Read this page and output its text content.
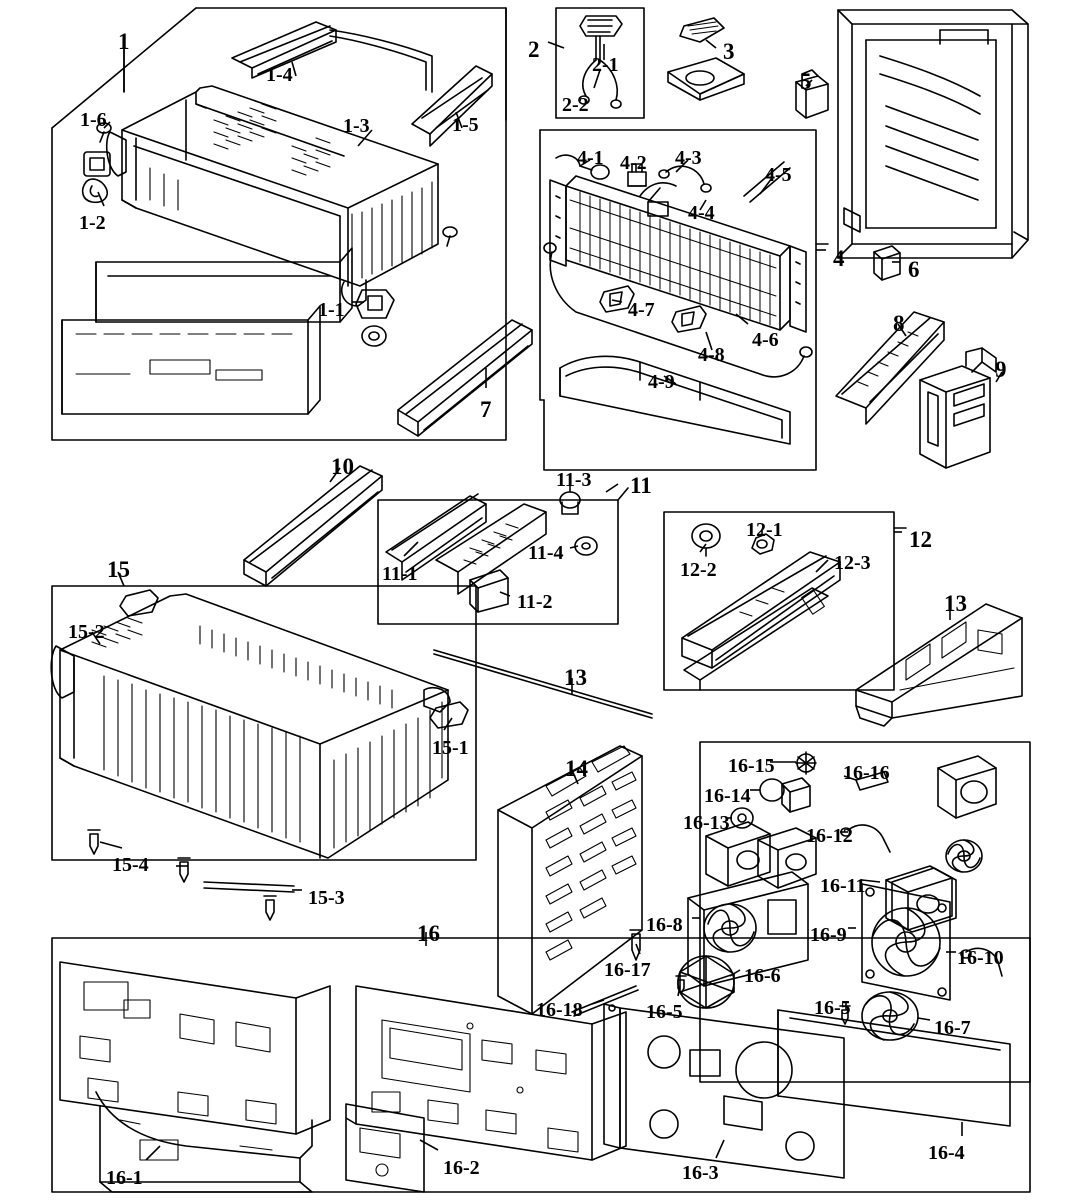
1
1‑6
1‑4
1‑5
1‑3
1‑2
1‑1
2
2‑1
2‑2
3
5
4‑1 4‑2 4‑3
4‑5
4‑4
4	6
4‑7
4‑6
4‑8
4‑9
7
8
9
10
11
11‑3
11‑1
11‑4
11‑2
12
12‑1
12‑2	12‑3
13
13
15
15‑2
15‑1
15‑4
15‑3
14
16
16‑15	16‑16
16‑14
16‑13
16‑12
16‑11
16‑8	16‑9
16‑10
16‑17	16‑6
16‑5
16‑18	16‑5
16‑7
16‑1	16‑2	16‑3
16‑4
